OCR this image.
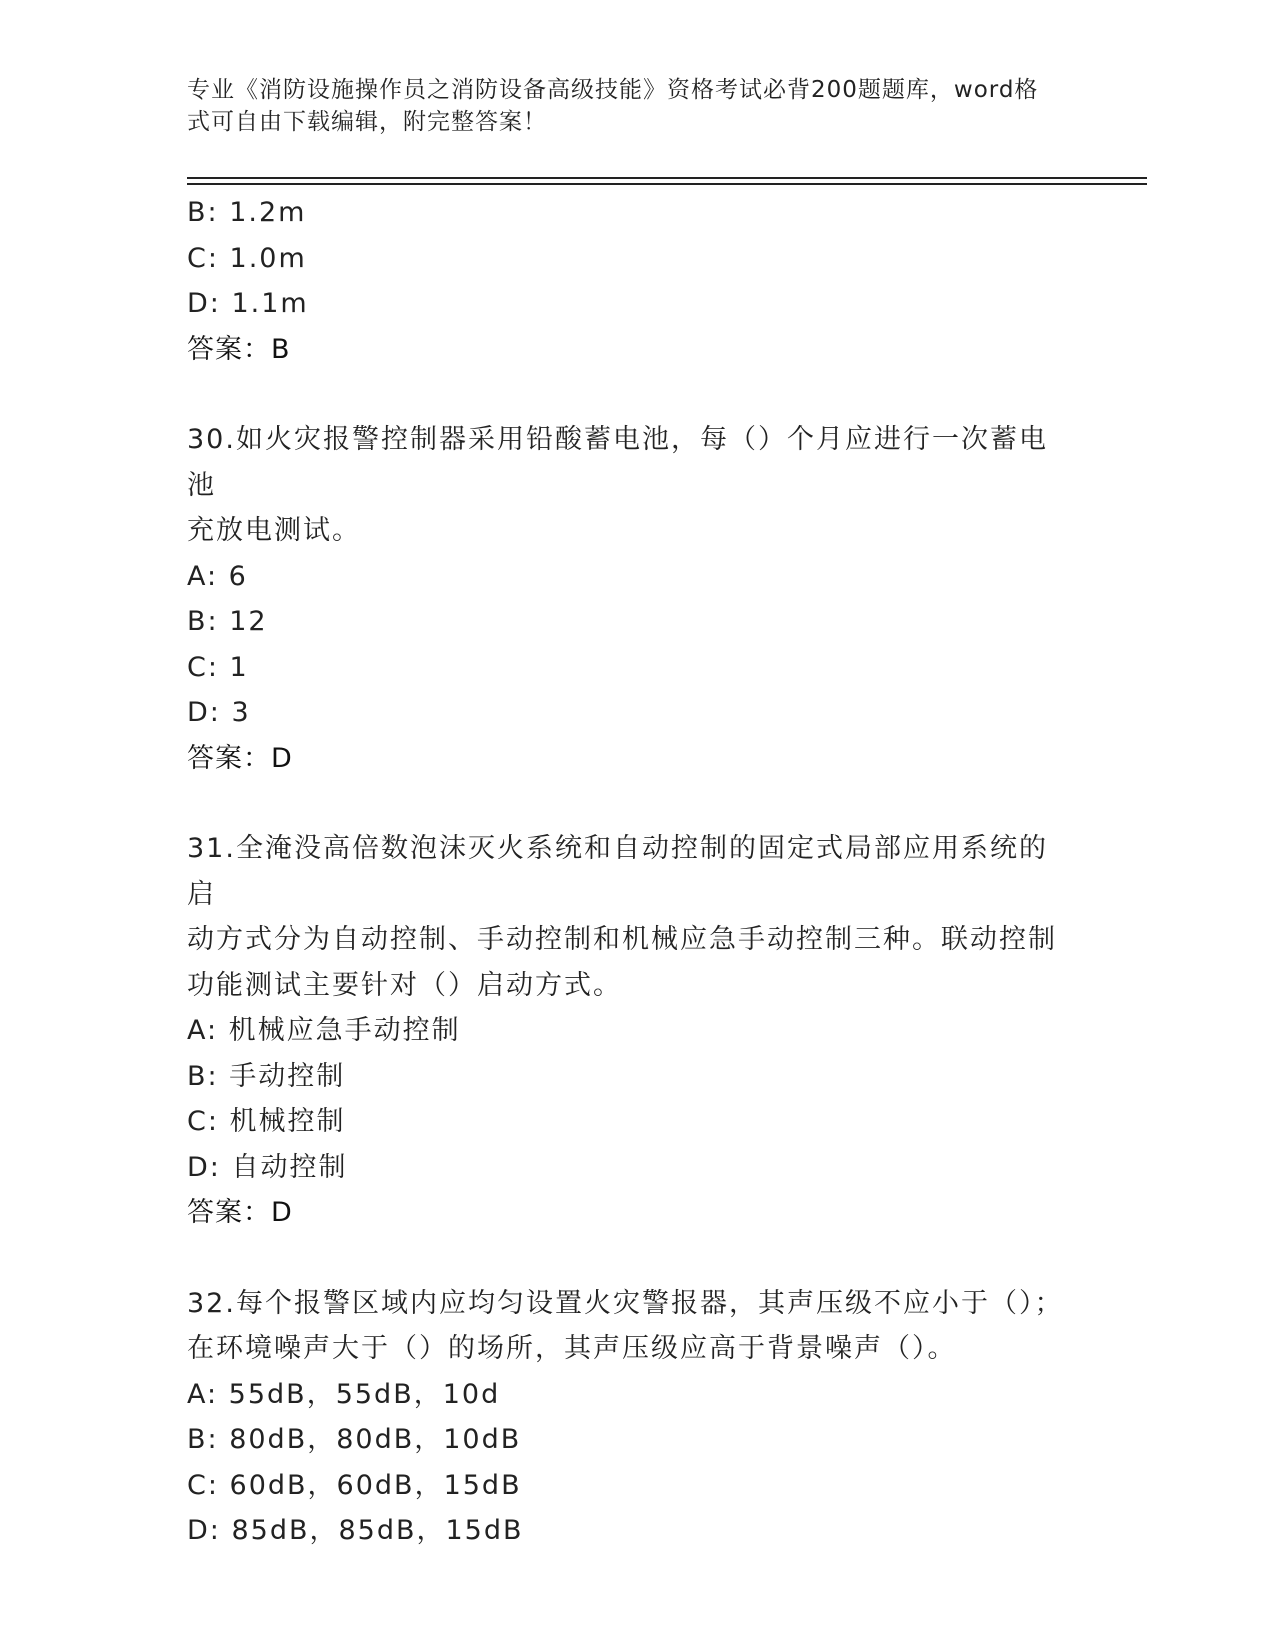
专业《消防设施操作员之消防设备高级技能》资格考试必背200题题库，word格
式可自由下载编辑，附完整答案！
B: 1.2m
C: 1.0m
D: 1.1m
答案：B
30.如火灾报警控制器采用铅酸蓄电池，每（）个月应进行一次蓄电池
充放电测试。
A: 6
B: 12
C: 1
D: 3
答案：D
31.全淹没高倍数泡沫灭火系统和自动控制的固定式局部应用系统的启
动方式分为自动控制、手动控制和机械应急手动控制三种。联动控制
功能测试主要针对（）启动方式。
A: 机械应急手动控制
B: 手动控制
C: 机械控制
D: 自动控制
答案：D
32.每个报警区域内应均匀设置火灾警报器，其声压级不应小于（）；
在环境噪声大于（）的场所，其声压级应高于背景噪声（）。
A: 55dB，55dB，10d
B: 80dB，80dB，10dB
C: 60dB，60dB，15dB
D: 85dB，85dB，15dB
